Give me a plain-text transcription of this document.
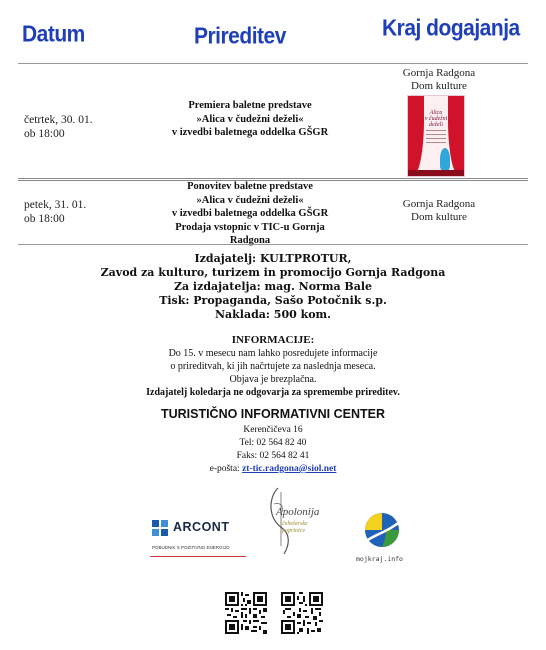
Datum	Prireditev	Kraj dogajanja
četrtek, 30. 01.
ob 18:00
Premiera baletne predstave
»Alica v čudežni deželi«
v izvedbi baletnega oddelka GŠGR
Gornja Radgona
Dom kulture
Alica
v čudežni deželi
petek, 31. 01.
ob 18:00
Ponovitev baletne predstave
»Alica v čudežni deželi«
v izvedbi baletnega oddelka GŠGR
Prodaja vstopnic v TIC-u Gornja
Radgona
Gornja Radgona
Dom kulture
Izdajatelj: KULTPROTUR,
Zavod za kulturo, turizem in promocijo Gornja Radgona
Za izdajatelja: mag. Norma Bale
Tisk: Propaganda, Sašo Potočnik s.p.
Naklada: 500 kom.
INFORMACIJE:
Do 15. v mesecu nam lahko posredujete informacije
o prireditvah, ki jih načrtujete za naslednja meseca.
Objava je brezplačna.
Izdajatelj koledarja ne odgovarja za spremembe prireditev.
TURISTIČNO INFORMATIVNI CENTER
Kerenčičeva 16
Tel: 02 564 82 40
Faks: 02 564 82 41
e-pošta: zt-tic.radgona@siol.net
ARCONT
POBUDNIK S POZITIVNO ENERGIJO
Apolonija
čebelarske
poprtnice
mojkraj.info
